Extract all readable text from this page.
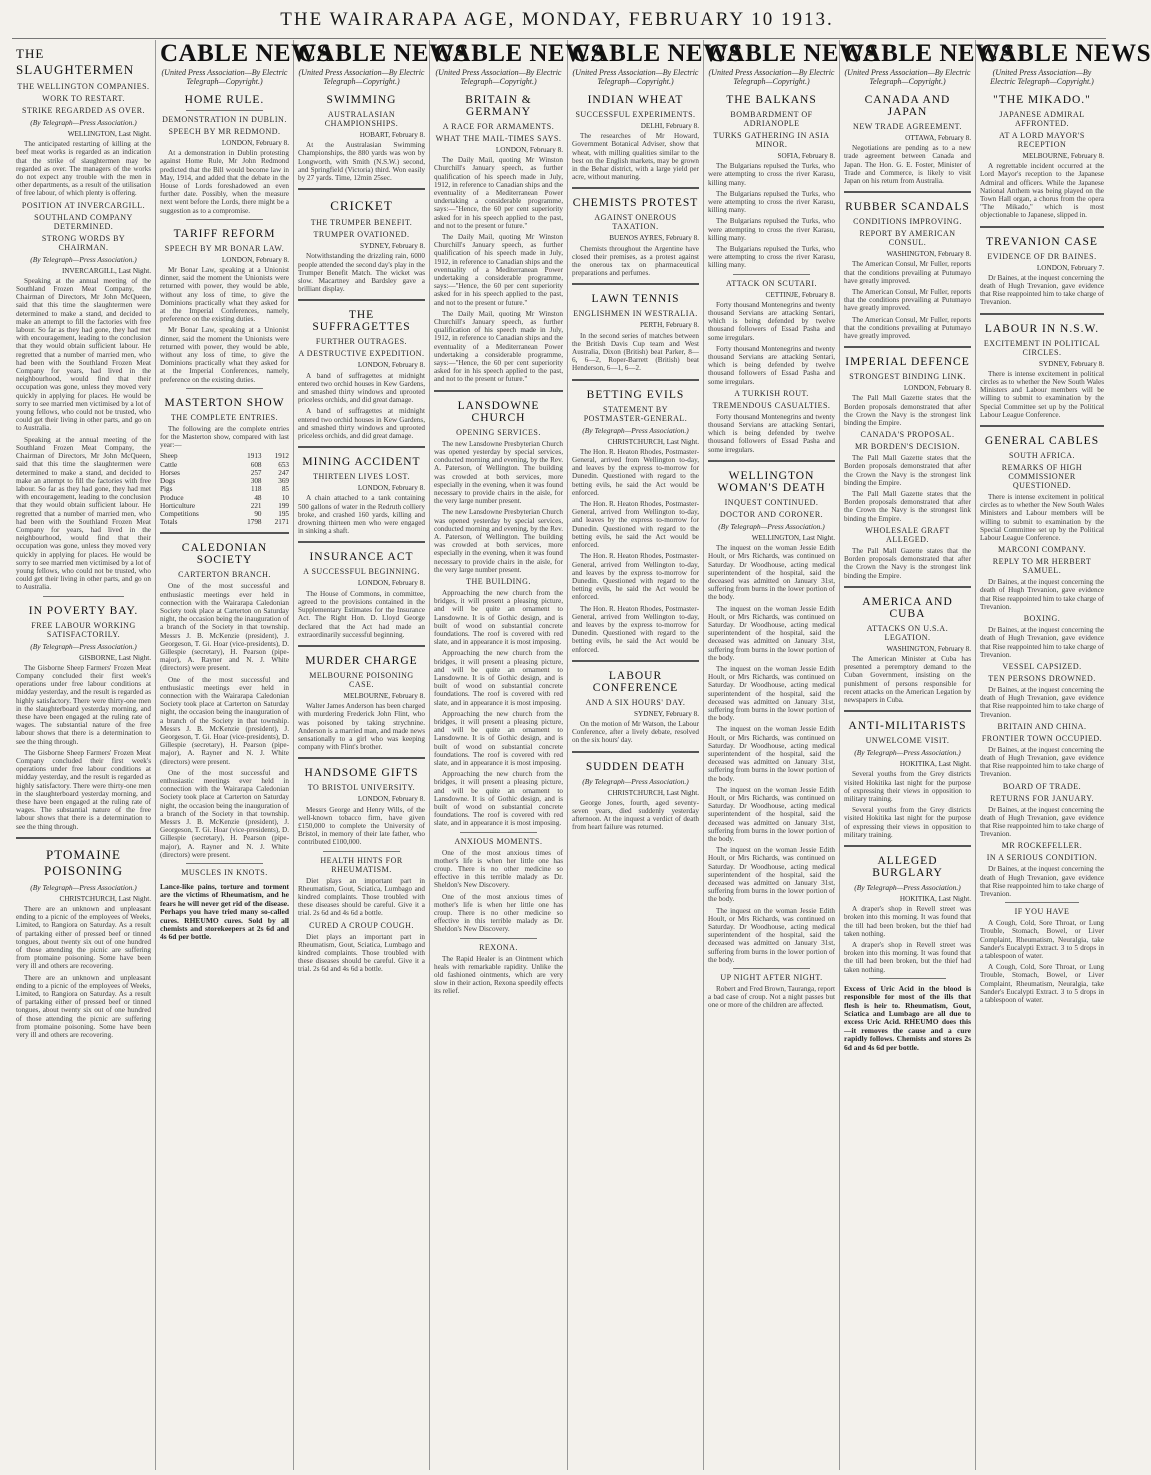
THE WAIRARAPA AGE, MONDAY, FEBRUARY 10 1913.
THE SLAUGHTERMEN
THE WELLINGTON COMPANIES.
WORK TO RESTART.
STRIKE REGARDED AS OVER.
(By Telegraph—Press Association.)
WELLINGTON, Last Night.

The anticipated restarting of killing at the beef meat works is regarded as an indication that the strike of slaughtermen may be regarded as over. The managers of the works do not expect any trouble with the men in other departments, as a result of the utilisation of free labour, of which plenty is offering.

POSITION AT INVERCARGILL.
SOUTHLAND COMPANY DETERMINED.
STRONG WORDS BY CHAIRMAN.
(By Telegraph—Press Association.)
INVERCARGILL, Last Night.

Speaking at the annual meeting of the Southland Frozen Meat Company, the Chairman of Directors, Mr John McQueen, said that this time the slaughtermen were determined to make a stand, and decided to make an attempt to fill the factories with free labour. So far as they had gone, they had met with encouragement, leading to the conclusion that they would obtain sufficient labour. He regretted that a number of married men, who had been with the Southland Frozen Meat Company for years, had lived in the neighbourhood, would find that their occupation was gone, unless they moved very quickly in applying for places. He would be sorry to see married men victimised by a lot of young fellows, who could not be trusted, who could get their living in other parts, and go on to Australia.

Speaking at the annual meeting of the Southland Frozen Meat Company, the Chairman of Directors, Mr John McQueen, said that this time the slaughtermen were determined to make a stand, and decided to make an attempt to fill the factories with free labour. So far as they had gone, they had met with encouragement, leading to the conclusion that they would obtain sufficient labour. He regretted that a number of married men, who had been with the Southland Frozen Meat Company for years, had lived in the neighbourhood, would find that their occupation was gone, unless they moved very quickly in applying for places. He would be sorry to see married men victimised by a lot of young fellows, who could not be trusted, who could get their living in other parts, and go on to Australia.

IN POVERTY BAY.
FREE LABOUR WORKING SATISFACTORILY.
(By Telegraph—Press Association.)
GISBORNE, Last Night.

The Gisborne Sheep Farmers' Frozen Meat Company concluded their first week's operations under free labour conditions at midday yesterday, and the result is regarded as highly satisfactory. There were thirty-one men in the slaughterboard yesterday morning, and these have been engaged at the ruling rate of wages. The substantial nature of the free labour shows that there is a determination to see the thing through.

The Gisborne Sheep Farmers' Frozen Meat Company concluded their first week's operations under free labour conditions at midday yesterday, and the result is regarded as highly satisfactory. There were thirty-one men in the slaughterboard yesterday morning, and these have been engaged at the ruling rate of wages. The substantial nature of the free labour shows that there is a determination to see the thing through.

PTOMAINE POISONING
(By Telegraph—Press Association.)
CHRISTCHURCH, Last Night.

There are an unknown and unpleasant ending to a picnic of the employees of Weeks, Limited, to Rangiora on Saturday. As a result of partaking either of pressed beef or tinned tongues, about twenty six out of one hundred of those attending the picnic are suffering from ptomaine poisoning. Some have been very ill and others are recovering.

There are an unknown and unpleasant ending to a picnic of the employees of Weeks, Limited, to Rangiora on Saturday. As a result of partaking either of pressed beef or tinned tongues, about twenty six out of one hundred of those attending the picnic are suffering from ptomaine poisoning. Some have been very ill and others are recovering.

CABLE NEWS
(United Press Association—By Electric Telegraph—Copyright.)
HOME RULE.
DEMONSTRATION IN DUBLIN.
SPEECH BY MR REDMOND.
LONDON, February 8.

At a demonstration in Dublin protesting against Home Rule, Mr John Redmond predicted that the Bill would become law in May, 1914, and added that the debate in the House of Lords foreshadowed an even further date. Possibly, when the measure next went before the Lords, there might be a suggestion as to a compromise.

TARIFF REFORM
SPEECH BY MR BONAR LAW.
LONDON, February 8.

Mr Bonar Law, speaking at a Unionist dinner, said the moment the Unionists were returned with power, they would be able, without any loss of time, to give the Dominions practically what they asked for at the Imperial Conferences, namely, preference on the existing duties.

Mr Bonar Law, speaking at a Unionist dinner, said the moment the Unionists were returned with power, they would be able, without any loss of time, to give the Dominions practically what they asked for at the Imperial Conferences, namely, preference on the existing duties.

MASTERTON SHOW
THE COMPLETE ENTRIES.

The following are the complete entries for the Masterton show, compared with last year:—

Sheep	1913	1912
Cattle	608	653
Horses	257	247
Dogs	308	369
Pigs	118	85
Produce	48	10
Horticulture	221	199
Competitions	90	195
Totals	1798	2171
CALEDONIAN SOCIETY
CARTERTON BRANCH.

One of the most successful and enthusiastic meetings ever held in connection with the Wairarapa Caledonian Society took place at Carterton on Saturday night, the occasion being the inauguration of a branch of the Society in that township. Messrs J. B. McKenzie (president), J. Georgeson, T. Gi. Hoar (vice-presidents), D. Gillespie (secretary), H. Pearson (pipe-major), A. Rayner and N. J. White (directors) were present.

One of the most successful and enthusiastic meetings ever held in connection with the Wairarapa Caledonian Society took place at Carterton on Saturday night, the occasion being the inauguration of a branch of the Society in that township. Messrs J. B. McKenzie (president), J. Georgeson, T. Gi. Hoar (vice-presidents), D. Gillespie (secretary), H. Pearson (pipe-major), A. Rayner and N. J. White (directors) were present.

One of the most successful and enthusiastic meetings ever held in connection with the Wairarapa Caledonian Society took place at Carterton on Saturday night, the occasion being the inauguration of a branch of the Society in that township. Messrs J. B. McKenzie (president), J. Georgeson, T. Gi. Hoar (vice-presidents), D. Gillespie (secretary), H. Pearson (pipe-major), A. Rayner and N. J. White (directors) were present.

MUSCLES IN KNOTS.
Lance-like pains, torture and torment are the victims of Rheumatism, and he fears he will never get rid of the disease. Perhaps you have tried many so-called cures. RHEUMO cures. Sold by all chemists and storekeepers at 2s 6d and 4s 6d per bottle.
CABLE NEWS
(United Press Association—By Electric Telegraph—Copyright.)
SWIMMING
AUSTRALASIAN CHAMPIONSHIPS.
HOBART, February 8.

At the Australasian Swimming Championships, the 880 yards was won by Longworth, with Smith (N.S.W.) second, and Springfield (Victoria) third. Won easily by 27 yards. Time, 12min 25sec.

CRICKET
THE TRUMPER BENEFIT.
TRUMPER OVATIONED.
SYDNEY, February 8.

Notwithstanding the drizzling rain, 6000 people attended the second day's play in the Trumper Benefit Match. The wicket was slow. Macartney and Bardsley gave a brilliant display.

THE SUFFRAGETTES
FURTHER OUTRAGES.
A DESTRUCTIVE EXPEDITION.
LONDON, February 8.

A band of suffragettes at midnight entered two orchid houses in Kew Gardens, and smashed thirty windows and uprooted priceless orchids, and did great damage.

A band of suffragettes at midnight entered two orchid houses in Kew Gardens, and smashed thirty windows and uprooted priceless orchids, and did great damage.

MINING ACCIDENT
THIRTEEN LIVES LOST.
LONDON, February 8.

A chain attached to a tank containing 500 gallons of water in the Redruth colliery broke, and crashed 160 yards, killing and drowning thirteen men who were engaged in sinking a shaft.

INSURANCE ACT
A SUCCESSFUL BEGINNING.
LONDON, February 8.

The House of Commons, in committee, agreed to the provisions contained in the Supplementary Estimates for the Insurance Act. The Right Hon. D. Lloyd George declared that the Act had made an extraordinarily successful beginning.

MURDER CHARGE
MELBOURNE POISONING CASE.
MELBOURNE, February 8.

Walter James Anderson has been charged with murdering Frederick John Flint, who was poisoned by taking strychnine. Anderson is a married man, and made news sensationally to a girl who was keeping company with Flint's brother.

HANDSOME GIFTS
TO BRISTOL UNIVERSITY.
LONDON, February 8.

Messrs George and Henry Wills, of the well-known tobacco firm, have given £150,000 to complete the University of Bristol, in memory of their late father, who contributed £100,000.

HEALTH HINTS FOR RHEUMATISM.

Diet plays an important part in Rheumatism, Gout, Sciatica, Lumbago and kindred complaints. Those troubled with these diseases should be careful. Give it a trial. 2s 6d and 4s 6d a bottle.

CURED A CROUP COUGH.

Diet plays an important part in Rheumatism, Gout, Sciatica, Lumbago and kindred complaints. Those troubled with these diseases should be careful. Give it a trial. 2s 6d and 4s 6d a bottle.

CABLE NEWS
(United Press Association—By Electric Telegraph—Copyright.)
BRITAIN & GERMANY
A RACE FOR ARMAMENTS.
WHAT THE MAIL-TIMES SAYS.
LONDON, February 8.

The Daily Mail, quoting Mr Winston Churchill's January speech, as further qualification of his speech made in July, 1912, in reference to Canadian ships and the eventuality of a Mediterranean Power undertaking a considerable programme, says:—"Hence, the 60 per cent superiority asked for in his speech applied to the past, and not to the present or future."

The Daily Mail, quoting Mr Winston Churchill's January speech, as further qualification of his speech made in July, 1912, in reference to Canadian ships and the eventuality of a Mediterranean Power undertaking a considerable programme, says:—"Hence, the 60 per cent superiority asked for in his speech applied to the past, and not to the present or future."

The Daily Mail, quoting Mr Winston Churchill's January speech, as further qualification of his speech made in July, 1912, in reference to Canadian ships and the eventuality of a Mediterranean Power undertaking a considerable programme, says:—"Hence, the 60 per cent superiority asked for in his speech applied to the past, and not to the present or future."

LANSDOWNE CHURCH
OPENING SERVICES.

The new Lansdowne Presbyterian Church was opened yesterday by special services, conducted morning and evening, by the Rev. A. Paterson, of Wellington. The building was crowded at both services, more especially in the evening, when it was found necessary to provide chairs in the aisle, for the very large number present.

The new Lansdowne Presbyterian Church was opened yesterday by special services, conducted morning and evening, by the Rev. A. Paterson, of Wellington. The building was crowded at both services, more especially in the evening, when it was found necessary to provide chairs in the aisle, for the very large number present.

THE BUILDING.

Approaching the new church from the bridges, it will present a pleasing picture, and will be quite an ornament to Lansdowne. It is of Gothic design, and is built of wood on substantial concrete foundations. The roof is covered with red slate, and in appearance it is most imposing.

Approaching the new church from the bridges, it will present a pleasing picture, and will be quite an ornament to Lansdowne. It is of Gothic design, and is built of wood on substantial concrete foundations. The roof is covered with red slate, and in appearance it is most imposing.

Approaching the new church from the bridges, it will present a pleasing picture, and will be quite an ornament to Lansdowne. It is of Gothic design, and is built of wood on substantial concrete foundations. The roof is covered with red slate, and in appearance it is most imposing.

Approaching the new church from the bridges, it will present a pleasing picture, and will be quite an ornament to Lansdowne. It is of Gothic design, and is built of wood on substantial concrete foundations. The roof is covered with red slate, and in appearance it is most imposing.

ANXIOUS MOMENTS.

One of the most anxious times of mother's life is when her little one has croup. There is no other medicine so effective in this terrible malady as Dr. Sheldon's New Discovery.

One of the most anxious times of mother's life is when her little one has croup. There is no other medicine so effective in this terrible malady as Dr. Sheldon's New Discovery.

REXONA.

The Rapid Healer is an Ointment which heals with remarkable rapidity. Unlike the old fashioned ointments, which are very slow in their action, Rexona speedily effects its relief.

CABLE NEWS
(United Press Association—By Electric Telegraph—Copyright.)
INDIAN WHEAT
SUCCESSFUL EXPERIMENTS.
DELHI, February 8.

The researches of Mr Howard, Government Botanical Adviser, show that wheat, with milling qualities similar to the best on the English markets, may be grown in the Behar district, with a large yield per acre, without manuring.

CHEMISTS PROTEST
AGAINST ONEROUS TAXATION.
BUENOS AYRES, February 8.

Chemists throughout the Argentine have closed their premises, as a protest against the onerous tax on pharmaceutical preparations and perfumes.

LAWN TENNIS
ENGLISHMEN IN WESTRALIA.
PERTH, February 8.

In the second series of matches between the British Davis Cup team and West Australia, Dixon (British) beat Parker, 8—6, 6—2, Roper-Barrett (British) beat Henderson, 6—1, 6—2.

BETTING EVILS
STATEMENT BY POSTMASTER-GENERAL.
(By Telegraph—Press Association.)
CHRISTCHURCH, Last Night.

The Hon. R. Heaton Rhodes, Postmaster-General, arrived from Wellington to-day, and leaves by the express to-morrow for Dunedin. Questioned with regard to the betting evils, he said the Act would be enforced.

The Hon. R. Heaton Rhodes, Postmaster-General, arrived from Wellington to-day, and leaves by the express to-morrow for Dunedin. Questioned with regard to the betting evils, he said the Act would be enforced.

The Hon. R. Heaton Rhodes, Postmaster-General, arrived from Wellington to-day, and leaves by the express to-morrow for Dunedin. Questioned with regard to the betting evils, he said the Act would be enforced.

The Hon. R. Heaton Rhodes, Postmaster-General, arrived from Wellington to-day, and leaves by the express to-morrow for Dunedin. Questioned with regard to the betting evils, he said the Act would be enforced.

LABOUR CONFERENCE
AND A SIX HOURS' DAY.
SYDNEY, February 8.

On the motion of Mr Watson, the Labour Conference, after a lively debate, resolved on the six hours' day.

SUDDEN DEATH
(By Telegraph—Press Association.)
CHRISTCHURCH, Last Night.

George Jones, fourth, aged seventy-seven years, died suddenly yesterday afternoon. At the inquest a verdict of death from heart failure was returned.

CABLE NEWS
(United Press Association—By Electric Telegraph—Copyright.)
THE BALKANS
BOMBARDMENT OF ADRIANOPLE
TURKS GATHERING IN ASIA MINOR.
SOFIA, February 8.

The Bulgarians repulsed the Turks, who were attempting to cross the river Karasu, killing many.

The Bulgarians repulsed the Turks, who were attempting to cross the river Karasu, killing many.

The Bulgarians repulsed the Turks, who were attempting to cross the river Karasu, killing many.

The Bulgarians repulsed the Turks, who were attempting to cross the river Karasu, killing many.

ATTACK ON SCUTARI.
CETTINJE, February 8.

Forty thousand Montenegrins and twenty thousand Servians are attacking Sentari, which is being defended by twelve thousand followers of Essad Pasha and some irregulars.

Forty thousand Montenegrins and twenty thousand Servians are attacking Sentari, which is being defended by twelve thousand followers of Essad Pasha and some irregulars.

A TURKISH ROUT.
TREMENDOUS CASUALTIES.

Forty thousand Montenegrins and twenty thousand Servians are attacking Sentari, which is being defended by twelve thousand followers of Essad Pasha and some irregulars.

WELLINGTON WOMAN'S DEATH
INQUEST CONTINUED.
DOCTOR AND CORONER.
(By Telegraph—Press Association.)
WELLINGTON, Last Night.

The inquest on the woman Jessie Edith Hoult, or Mrs Richards, was continued on Saturday. Dr Woodhouse, acting medical superintendent of the hospital, said the deceased was admitted on January 31st, suffering from burns in the lower portion of the body.

The inquest on the woman Jessie Edith Hoult, or Mrs Richards, was continued on Saturday. Dr Woodhouse, acting medical superintendent of the hospital, said the deceased was admitted on January 31st, suffering from burns in the lower portion of the body.

The inquest on the woman Jessie Edith Hoult, or Mrs Richards, was continued on Saturday. Dr Woodhouse, acting medical superintendent of the hospital, said the deceased was admitted on January 31st, suffering from burns in the lower portion of the body.

The inquest on the woman Jessie Edith Hoult, or Mrs Richards, was continued on Saturday. Dr Woodhouse, acting medical superintendent of the hospital, said the deceased was admitted on January 31st, suffering from burns in the lower portion of the body.

The inquest on the woman Jessie Edith Hoult, or Mrs Richards, was continued on Saturday. Dr Woodhouse, acting medical superintendent of the hospital, said the deceased was admitted on January 31st, suffering from burns in the lower portion of the body.

The inquest on the woman Jessie Edith Hoult, or Mrs Richards, was continued on Saturday. Dr Woodhouse, acting medical superintendent of the hospital, said the deceased was admitted on January 31st, suffering from burns in the lower portion of the body.

The inquest on the woman Jessie Edith Hoult, or Mrs Richards, was continued on Saturday. Dr Woodhouse, acting medical superintendent of the hospital, said the deceased was admitted on January 31st, suffering from burns in the lower portion of the body.

UP NIGHT AFTER NIGHT.

Robert and Fred Brown, Tauranga, report a bad case of croup. Not a night passes but one or more of the children are affected.

CABLE NEWS
(United Press Association—By Electric Telegraph—Copyright.)
CANADA AND JAPAN
NEW TRADE AGREEMENT.
OTTAWA, February 8.

Negotiations are pending as to a new trade agreement between Canada and Japan. The Hon. G. E. Foster, Minister of Trade and Commerce, is likely to visit Japan on his return from Australia.

RUBBER SCANDALS
CONDITIONS IMPROVING.
REPORT BY AMERICAN CONSUL.
WASHINGTON, February 8.

The American Consul, Mr Fuller, reports that the conditions prevailing at Putumayo have greatly improved.

The American Consul, Mr Fuller, reports that the conditions prevailing at Putumayo have greatly improved.

The American Consul, Mr Fuller, reports that the conditions prevailing at Putumayo have greatly improved.

IMPERIAL DEFENCE
STRONGEST BINDING LINK.
LONDON, February 8.

The Pall Mall Gazette states that the Borden proposals demonstrated that after the Crown the Navy is the strongest link binding the Empire.

CANADA'S PROPOSAL.
MR BORDEN'S DECISION.

The Pall Mall Gazette states that the Borden proposals demonstrated that after the Crown the Navy is the strongest link binding the Empire.

The Pall Mall Gazette states that the Borden proposals demonstrated that after the Crown the Navy is the strongest link binding the Empire.

WHOLESALE GRAFT ALLEGED.

The Pall Mall Gazette states that the Borden proposals demonstrated that after the Crown the Navy is the strongest link binding the Empire.

AMERICA AND CUBA
ATTACKS ON U.S.A. LEGATION.
WASHINGTON, February 8.

The American Minister at Cuba has presented a peremptory demand to the Cuban Government, insisting on the punishment of persons responsible for recent attacks on the American Legation by newspapers in Cuba.

ANTI-MILITARISTS
UNWELCOME VISIT.
(By Telegraph—Press Association.)
HOKITIKA, Last Night.

Several youths from the Grey districts visited Hokitika last night for the purpose of expressing their views in opposition to military training.

Several youths from the Grey districts visited Hokitika last night for the purpose of expressing their views in opposition to military training.

ALLEGED BURGLARY
(By Telegraph—Press Association.)
HOKITIKA, Last Night.

A draper's shop in Revell street was broken into this morning. It was found that the till had been broken, but the thief had taken nothing.

A draper's shop in Revell street was broken into this morning. It was found that the till had been broken, but the thief had taken nothing.

Excess of Uric Acid in the blood is responsible for most of the ills that flesh is heir to. Rheumatism, Gout, Sciatica and Lumbago are all due to excess Uric Acid. RHEUMO does this—it removes the cause and a cure rapidly follows. Chemists and stores 2s 6d and 4s 6d per bottle.
CABLE NEWS
(United Press Association—By Electric Telegraph—Copyright.)
"THE MIKADO."
JAPANESE ADMIRAL AFFRONTED.
AT A LORD MAYOR'S RECEPTION
MELBOURNE, February 8.

A regrettable incident occurred at the Lord Mayor's reception to the Japanese Admiral and officers. While the Japanese National Anthem was being played on the Town Hall organ, a chorus from the opera "The Mikado," which is most objectionable to Japanese, slipped in.

TREVANION CASE
EVIDENCE OF DR BAINES.
LONDON, February 7.

Dr Baines, at the inquest concerning the death of Hugh Trevanion, gave evidence that Rise reappointed him to take charge of Trevanion.

LABOUR IN N.S.W.
EXCITEMENT IN POLITICAL CIRCLES.
SYDNEY, February 8.

There is intense excitement in political circles as to whether the New South Wales Ministers and Labour members will be willing to submit to examination by the Special Committee set up by the Political Labour League Conference.

GENERAL CABLES
SOUTH AFRICA.
REMARKS OF HIGH COMMISSIONER QUESTIONED.

There is intense excitement in political circles as to whether the New South Wales Ministers and Labour members will be willing to submit to examination by the Special Committee set up by the Political Labour League Conference.

MARCONI COMPANY.
REPLY TO MR HERBERT SAMUEL.

Dr Baines, at the inquest concerning the death of Hugh Trevanion, gave evidence that Rise reappointed him to take charge of Trevanion.

BOXING.

Dr Baines, at the inquest concerning the death of Hugh Trevanion, gave evidence that Rise reappointed him to take charge of Trevanion.

VESSEL CAPSIZED.
TEN PERSONS DROWNED.

Dr Baines, at the inquest concerning the death of Hugh Trevanion, gave evidence that Rise reappointed him to take charge of Trevanion.

BRITAIN AND CHINA.
FRONTIER TOWN OCCUPIED.

Dr Baines, at the inquest concerning the death of Hugh Trevanion, gave evidence that Rise reappointed him to take charge of Trevanion.

BOARD OF TRADE.
RETURNS FOR JANUARY.

Dr Baines, at the inquest concerning the death of Hugh Trevanion, gave evidence that Rise reappointed him to take charge of Trevanion.

MR ROCKEFELLER.
IN A SERIOUS CONDITION.

Dr Baines, at the inquest concerning the death of Hugh Trevanion, gave evidence that Rise reappointed him to take charge of Trevanion.

IF YOU HAVE

A Cough, Cold, Sore Throat, or Lung Trouble, Stomach, Bowel, or Liver Complaint, Rheumatism, Neuralgia, take Sander's Eucalypti Extract. 3 to 5 drops in a tablespoon of water.

A Cough, Cold, Sore Throat, or Lung Trouble, Stomach, Bowel, or Liver Complaint, Rheumatism, Neuralgia, take Sander's Eucalypti Extract. 3 to 5 drops in a tablespoon of water.
